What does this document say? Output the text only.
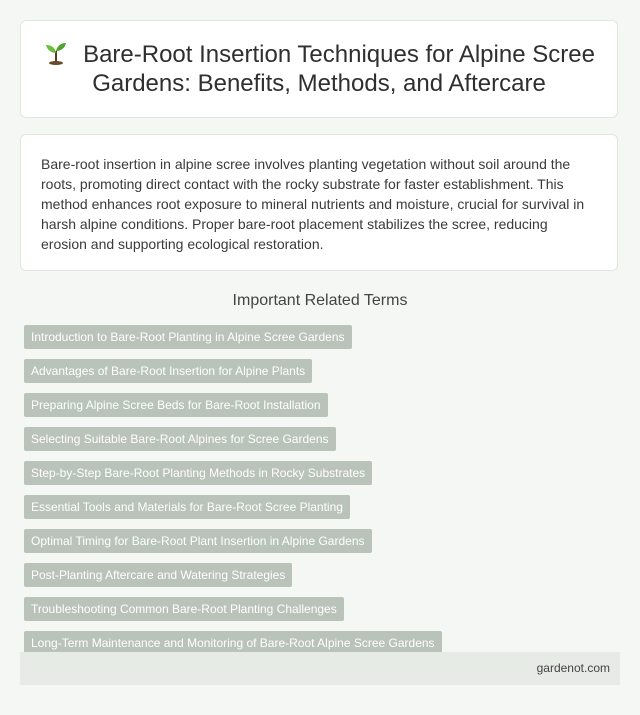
Bare-Root Insertion Techniques for Alpine Scree Gardens: Benefits, Methods, and Aftercare

Bare-root insertion in alpine scree involves planting vegetation without soil around the roots, promoting direct contact with the rocky substrate for faster establishment. This method enhances root exposure to mineral nutrients and moisture, crucial for survival in harsh alpine conditions. Proper bare-root placement stabilizes the scree, reducing erosion and supporting ecological restoration.

Important Related Terms
Introduction to Bare-Root Planting in Alpine Scree Gardens
Advantages of Bare-Root Insertion for Alpine Plants
Preparing Alpine Scree Beds for Bare-Root Installation
Selecting Suitable Bare-Root Alpines for Scree Gardens
Step-by-Step Bare-Root Planting Methods in Rocky Substrates
Essential Tools and Materials for Bare-Root Scree Planting
Optimal Timing for Bare-Root Plant Insertion in Alpine Gardens
Post-Planting Aftercare and Watering Strategies
Troubleshooting Common Bare-Root Planting Challenges
Long-Term Maintenance and Monitoring of Bare-Root Alpine Scree Gardens
gardenot.com
